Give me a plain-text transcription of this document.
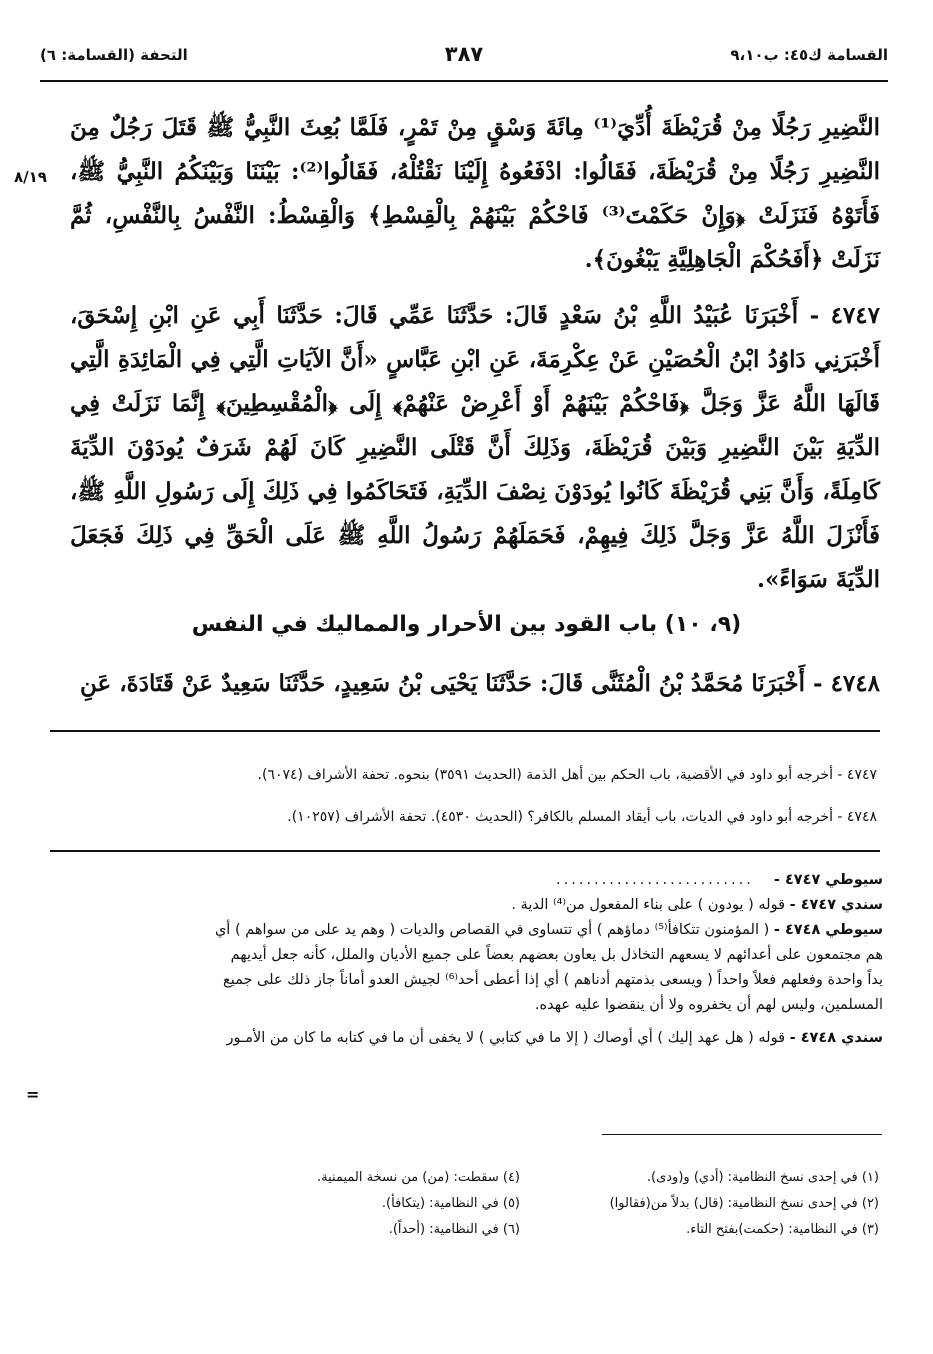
القسامة ك٤٥: ب٩،١٠
٣٨٧
التحفة (القسامة: ٦)
٨/١٩

النَّضِيرِ رَجُلًا مِنْ قُرَيْظَةَ أُدِّيَ⁽¹⁾ مِائَةَ وَسْقٍ مِنْ تَمْرٍ، فَلَمَّا بُعِثَ النَّبِيُّ ﷺ قَتَلَ رَجُلٌ مِنَ النَّضِيرِ رَجُلًا مِنْ قُرَيْظَةَ، فَقَالُوا: ادْفَعُوهُ إِلَيْنَا نَقْتُلْهُ، فَقَالُوا⁽²⁾: بَيْنَنَا وَبَيْنَكُمُ النَّبِيُّ ﷺ، فَأَتَوْهُ فَنَزَلَتْ ﴿وَإِنْ حَكَمْتَ⁽³⁾ فَاحْكُمْ بَيْنَهُمْ بِالْقِسْطِ﴾ وَالْقِسْطُ: النَّفْسُ بِالنَّفْسِ، ثُمَّ نَزَلَتْ ﴿أَفَحُكْمَ الْجَاهِلِيَّةِ يَبْغُونَ﴾.

٤٧٤٧ - أَخْبَرَنَا عُبَيْدُ اللَّهِ بْنُ سَعْدٍ قَالَ: حَدَّثَنَا عَمِّي قَالَ: حَدَّثَنَا أَبِي عَنِ ابْنِ إِسْحَقَ، أَخْبَرَنِي دَاوُدُ ابْنُ الْحُصَيْنِ عَنْ عِكْرِمَةَ، عَنِ ابْنِ عَبَّاسٍ «أَنَّ الآيَاتِ الَّتِي فِي الْمَائِدَةِ الَّتِي قَالَهَا اللَّهُ عَزَّ وَجَلَّ ﴿فَاحْكُمْ بَيْنَهُمْ أَوْ أَعْرِضْ عَنْهُمْ﴾ إِلَى ﴿الْمُقْسِطِينَ﴾ إِنَّمَا نَزَلَتْ فِي الدِّيَةِ بَيْنَ النَّضِيرِ وَبَيْنَ قُرَيْظَةَ، وَذَلِكَ أَنَّ قَتْلَى النَّضِيرِ كَانَ لَهُمْ شَرَفٌ يُودَوْنَ الدِّيَةَ كَامِلَةً، وَأَنَّ بَنِي قُرَيْظَةَ كَانُوا يُودَوْنَ نِصْفَ الدِّيَةِ، فَتَحَاكَمُوا فِي ذَلِكَ إِلَى رَسُولِ اللَّهِ ﷺ، فَأَنْزَلَ اللَّهُ عَزَّ وَجَلَّ ذَلِكَ فِيهِمْ، فَحَمَلَهُمْ رَسُولُ اللَّهِ ﷺ عَلَى الْحَقِّ فِي ذَلِكَ فَجَعَلَ الدِّيَةَ سَوَاءً».

(٩، ١٠) باب القود بين الأحرار والمماليك في النفس

٤٧٤٨ - أَخْبَرَنَا مُحَمَّدُ بْنُ الْمُثَنَّى قَالَ: حَدَّثَنَا يَحْيَى بْنُ سَعِيدٍ، حَدَّثَنَا سَعِيدٌ عَنْ قَتَادَةَ، عَنِ

٤٧٤٧ - أخرجه أبو داود في الأقضية، باب الحكم بين أهل الذمة (الحديث ٣٥٩١) بنحوه. تحفة الأشراف (٦٠٧٤).
٤٧٤٨ - أخرجه أبو داود في الديات، باب أيقاد المسلم بالكافر؟ (الحديث ٤٥٣٠). تحفة الأشراف (١٠٢٥٧).
سيوطي ٤٧٤٧ -..........................
سندي ٤٧٤٧ - قوله ( يودون ) على بناء المفعول من⁽⁴⁾ الدية .
سيوطي ٤٧٤٨ - ( المؤمنون تتكافأ⁽⁵⁾ دماؤهم ) أي تتساوى في القصاص والديات ( وهم يد على من سواهم ) أي
هم مجتمعون على أعدائهم لا يسعهم التخاذل بل يعاون بعضهم بعضاً على جميع الأديان والملل، كأنه جعل أيديهم
يداً واحدة وفعلهم فعلاً واحداً ( ويسعى بذمتهم أدناهم ) أي إذا أعطى أحد⁽⁶⁾ لجيش العدو أماناً جاز ذلك على جميع
المسلمين، وليس لهم أن يخفروه ولا أن ينقضوا عليه عهده.
سندي ٤٧٤٨ - قوله ( هل عهد إليك ) أي أوصاك ( إلا ما في كتابي ) لا يخفى أن ما في كتابه ما كان من الأمـور
=
(١) في إحدى نسخ النظامية: (أدي) و(ودى).
(٢) في إحدى نسخ النظامية: (قال) بدلاً من(فقالوا)
(٣) في النظامية: (حكمت)بفتح التاء.
(٤) سقطت: (من) من نسخة الميمنية.
(٥) في النظامية: (يتكافأ).
(٦) في النظامية: (أحداً).
